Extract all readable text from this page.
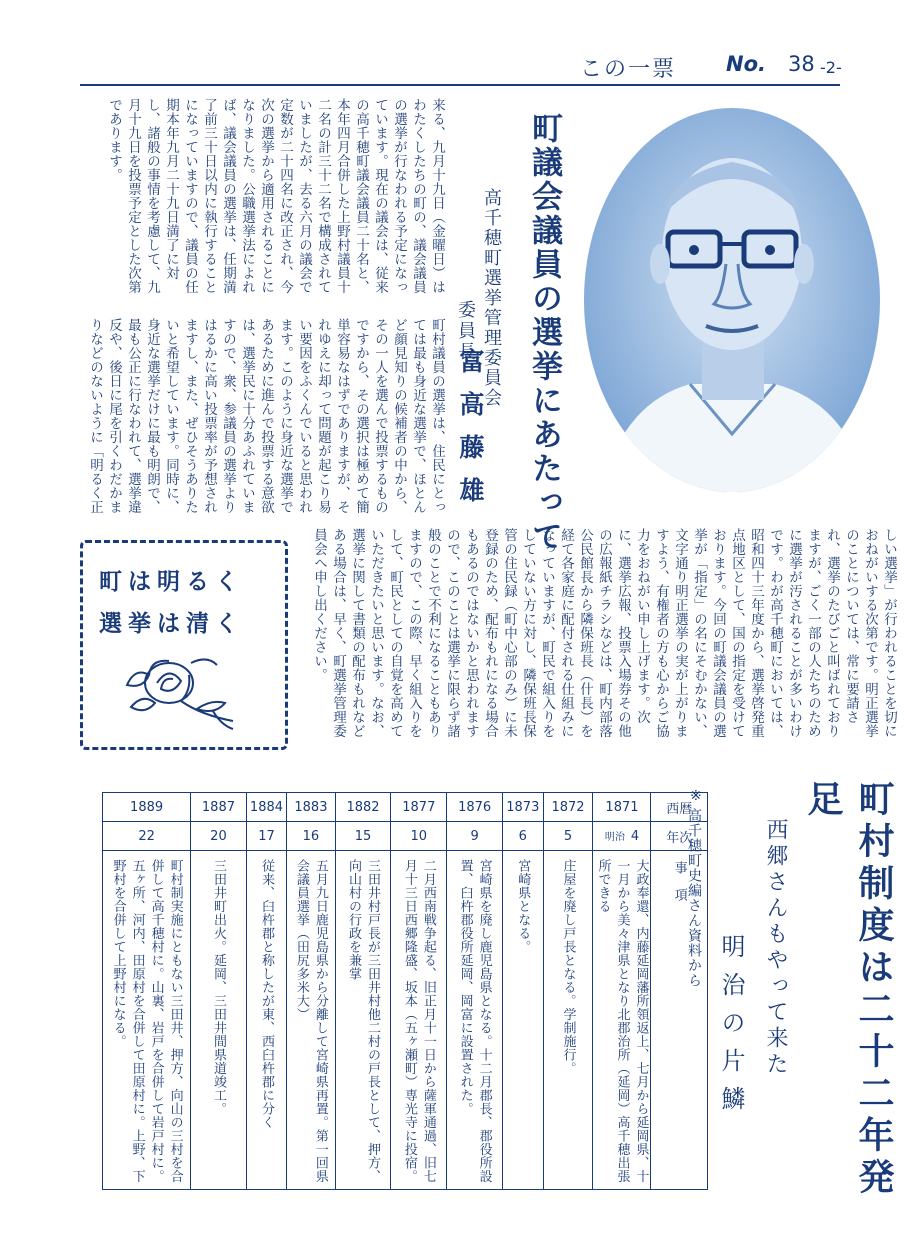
この一票 No. 38 -2-
来る、九月十九日（金曜日）はわたくしたちの町の、議会議員の選挙が行なわれる予定になっています。現在の議会は、従来の高千穂町議会議員二十名と、本年四月合併した上野村議員十二名の計三十二名で構成されていましたが、去る六月の議会で定数が二十四名に改正され、今次の選挙から適用されることになりました。公職選挙法によれば、議会議員の選挙は、任期満了前三十日以内に執行することになっていますので、議員の任期本年九月二十九日満了に対し、諸般の事情を考慮して、九月十九日を投票予定とした次第であります。
町村議員の選挙は、住民にとっては最も身近な選挙で、ほとんど顔見知りの候補者の中から、その一人を選んで投票するものですから、その選択は極めて簡単容易なはずでありますが、それゆえに却って問題が起こり易い要因をふくんでいると思われます。このように身近な選挙であるために進んで投票する意欲は、選挙民に十分あふれていますので、衆、参議員の選挙よりはるかに高い投票率が予想されますし、また、ぜひそうありたいと希望しています。同時に、身近な選挙だけに最も明朗で、最も公正に行なわれて、選挙違反や、後日に尾を引くわだかまりなどのないように「明るく正
しい選挙」が行われることを切におねがいする次第です。明正選挙のことについては、常に要請され、選挙のたびごと叫ばれておりますが、ごく一部の人たちのために選挙が汚されることが多いわけです。わが高千穂町においては、昭和四十三年度から、選挙啓発重点地区として、国の指定を受けております。今回の町議会議員の選挙が「指定」の名にそむかない、文字通り明正選挙の実が上がりますよう、有権者の方も心からご協力をおねがい申し上げます。次に、選挙広報、投票入場券その他の広報紙チラシなどは、町内部落公民館長から隣保班長（什長）を経て各家庭に配付される仕組みになっていますが、町民で組入りをしていない方に対し、隣保班長保管の住民録（町中心部のみ）に未登録のため、配布もれになる場合もあるのではないかと思われますので、このことは選挙に限らず諸般のことで不利になることもありますので、この際、早く組入りをして、町民としての自覚を高めていただきたいと思います。なお、選挙に関して書類の配布もれなどある場合は、早く、町選挙管理委員会へ申し出ください。
町議会議員の選挙にあたって
高千穂町選挙管理委員会
委員長
富高藤雄
町は明るく
選挙は清く
1889	1887	1884	1883	1882	1877	1876	1873	1872	1871	西暦
22	20	17	16	15	10	9	6	5	明治 4	年次

町村制実施にともない三田井、押方、向山の三村を合併して高千穂村に。山裏、岩戸を合併して岩戸村に。五ヶ所、河内、田原村を合併して田原村に。上野、下野村を合併して上野村になる。	三田井町出火。延岡、三田井間県道竣工。	従来、臼杵郡と称したが東、西臼杵郡に分く	五月九日鹿児島県から分離して宮崎県再置。第一回県会議員選挙（田尻多米大）	三田井村戸長が三田井村他二村の戸長として、押方、向山村の行政を兼掌	二月西南戦争起る、旧正月十一日から薩軍通過、旧七月十三日西郷隆盛、坂本（五ヶ瀬町）専光寺に投宿。	宮崎県を廃し鹿児島県となる。十二月郡長、郡役所設置、臼杵郡役所延岡、岡富に設置された。	宮崎県となる。	庄屋を廃し戸長となる。学制施行。	大政奉還、内藤延岡藩所領返上、七月から延岡県、十一月から美々津県となり北郡治所（延岡）高千穂出張所できる	事項
※
高千穂町史編さん資料から	町村制度は二十二年発足
西郷さんもやって来た
明治の片鱗
